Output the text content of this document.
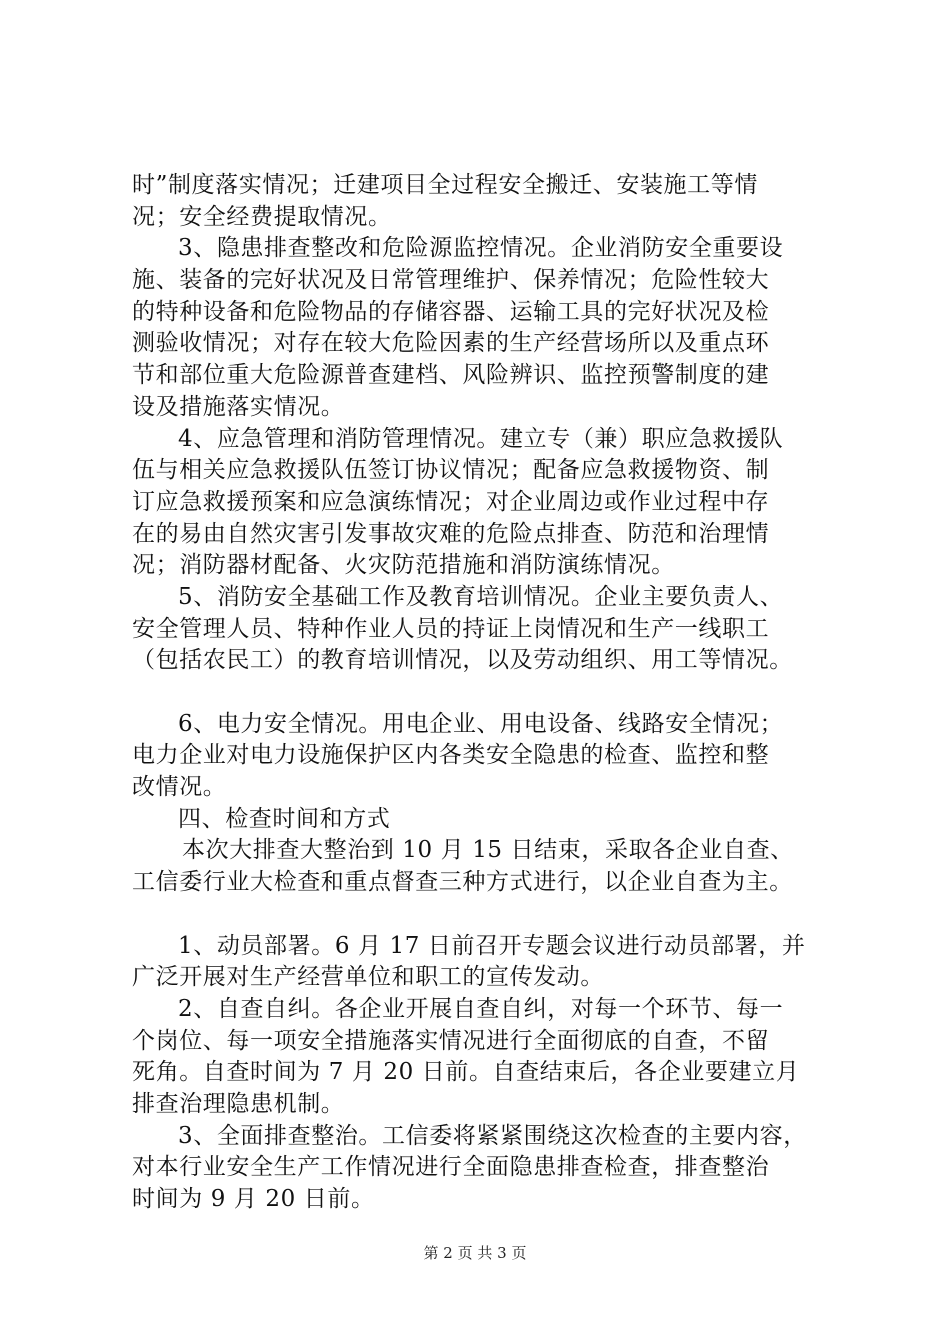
时”制度落实情况；迁建项目全过程安全搬迁、安装施工等情
况；安全经费提取情况。
3、隐患排查整改和危险源监控情况。企业消防安全重要设
施、装备的完好状况及日常管理维护、保养情况；危险性较大
的特种设备和危险物品的存储容器、运输工具的完好状况及检
测验收情况；对存在较大危险因素的生产经营场所以及重点环
节和部位重大危险源普查建档、风险辨识、监控预警制度的建
设及措施落实情况。
4、应急管理和消防管理情况。建立专（兼）职应急救援队
伍与相关应急救援队伍签订协议情况；配备应急救援物资、制
订应急救援预案和应急演练情况；对企业周边或作业过程中存
在的易由自然灾害引发事故灾难的危险点排查、防范和治理情
况；消防器材配备、火灾防范措施和消防演练情况。
5、消防安全基础工作及教育培训情况。企业主要负责人、
安全管理人员、特种作业人员的持证上岗情况和生产一线职工
（包括农民工）的教育培训情况，以及劳动组织、用工等情况。
6、电力安全情况。用电企业、用电设备、线路安全情况；
电力企业对电力设施保护区内各类安全隐患的检查、监控和整
改情况。
四、检查时间和方式
本次大排查大整治到 10 月 15 日结束，采取各企业自查、
工信委行业大检查和重点督查三种方式进行，以企业自查为主。
1、动员部署。6 月 17 日前召开专题会议进行动员部署，并
广泛开展对生产经营单位和职工的宣传发动。
2、自查自纠。各企业开展自查自纠，对每一个环节、每一
个岗位、每一项安全措施落实情况进行全面彻底的自查，不留
死角。自查时间为 7 月 20 日前。自查结束后，各企业要建立月
排查治理隐患机制。
3、全面排查整治。工信委将紧紧围绕这次检查的主要内容，
对本行业安全生产工作情况进行全面隐患排查检查，排查整治
时间为 9 月 20 日前。
第 2 页 共 3 页
